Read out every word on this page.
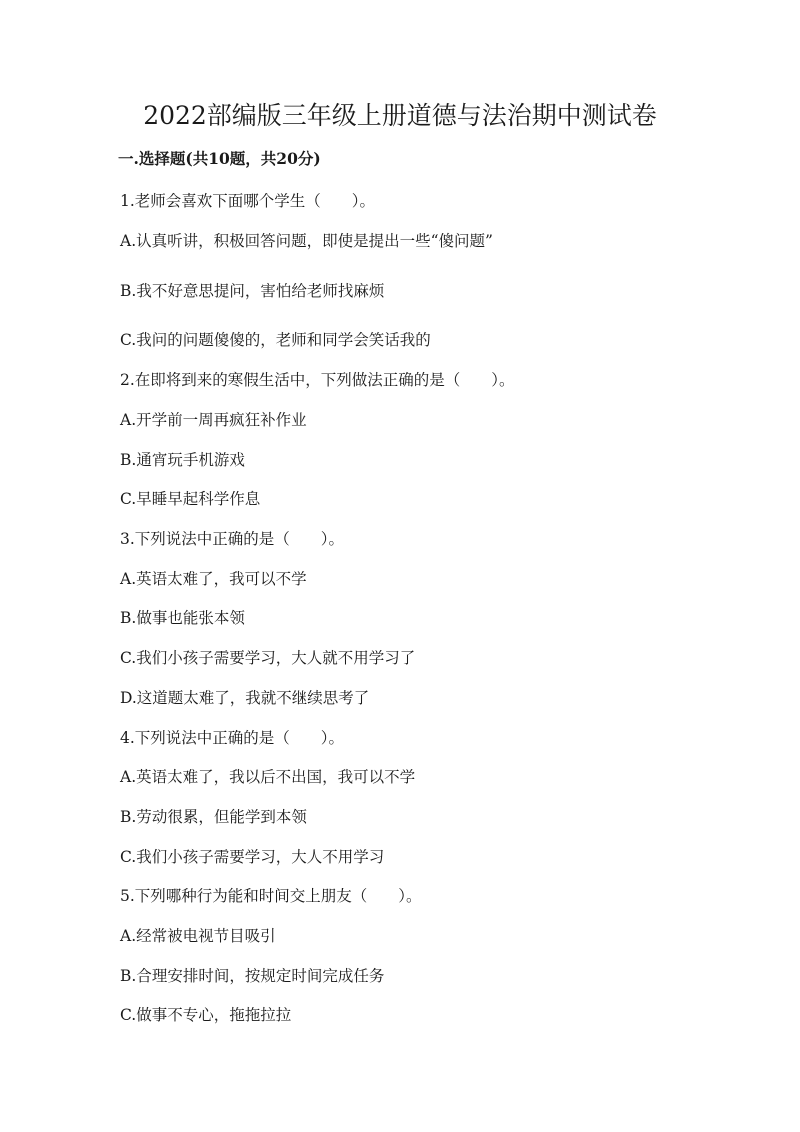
2022部编版三年级上册道德与法治期中测试卷
一.选择题(共10题，共20分)

1.老师会喜欢下面哪个学生（　　）。

A.认真听讲，积极回答问题，即使是提出一些“傻问题”

B.我不好意思提问，害怕给老师找麻烦

C.我问的问题傻傻的，老师和同学会笑话我的

2.在即将到来的寒假生活中，下列做法正确的是（　　）。

A.开学前一周再疯狂补作业

B.通宵玩手机游戏

C.早睡早起科学作息

3.下列说法中正确的是（　　）。

A.英语太难了，我可以不学

B.做事也能张本领

C.我们小孩子需要学习，大人就不用学习了

D.这道题太难了，我就不继续思考了

4.下列说法中正确的是（　　）。

A.英语太难了，我以后不出国，我可以不学

B.劳动很累，但能学到本领

C.我们小孩子需要学习，大人不用学习

5.下列哪种行为能和时间交上朋友（　　）。

A.经常被电视节目吸引

B.合理安排时间，按规定时间完成任务

C.做事不专心，拖拖拉拉
